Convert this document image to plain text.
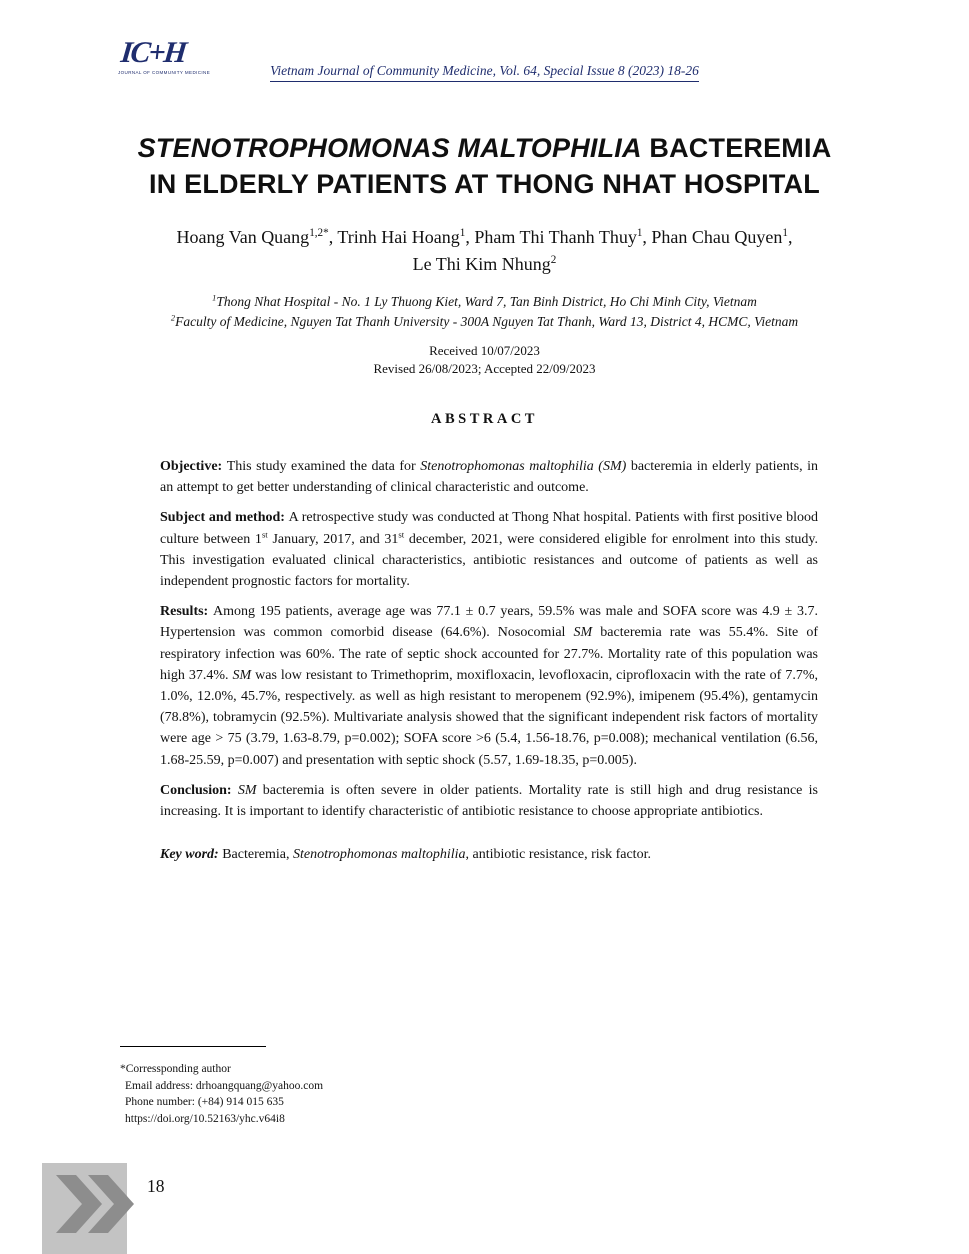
IC+H
JOURNAL OF COMMUNITY MEDICINE	Vietnam Journal of Community Medicine, Vol. 64, Special Issue 8 (2023) 18-26
STENOTROPHOMONAS MALTOPHILIA BACTEREMIA
IN ELDERLY PATIENTS AT THONG NHAT HOSPITAL
Hoang Van Quang$^{1,2*}$, Trinh Hai Hoang$^1$, Pham Thi Thanh Thuy$^1$, Phan Chau Quyen$^1$,
Le Thi Kim Nhung$^2$
$^1$Thong Nhat Hospital - No. 1 Ly Thuong Kiet, Ward 7, Tan Binh District, Ho Chi Minh City, Vietnam
$^2$Faculty of Medicine, Nguyen Tat Thanh University - 300A Nguyen Tat Thanh, Ward 13, District 4, HCMC, Vietnam
Received 10/07/2023
Revised 26/08/2023; Accepted 22/09/2023
ABSTRACT

Objective: This study examined the data for Stenotrophomonas maltophilia (SM) bacteremia in elderly patients, in an attempt to get better understanding of clinical characteristic and outcome.

Subject and method: A retrospective study was conducted at Thong Nhat hospital. Patients with first positive blood culture between 1st January, 2017, and 31st december, 2021, were considered eligible for enrolment into this study. This investigation evaluated clinical characteristics, antibiotic resistances and outcome of patients as well as independent prognostic factors for mortality.

Results: Among 195 patients, average age was 77.1 ± 0.7 years, 59.5% was male and SOFA score was 4.9 ± 3.7. Hypertension was common comorbid disease (64.6%). Nosocomial SM bacteremia rate was 55.4%. Site of respiratory infection was 60%. The rate of septic shock accounted for 27.7%. Mortality rate of this population was high 37.4%. SM was low resistant to Trimethoprim, moxifloxacin, levofloxacin, ciprofloxacin with the rate of 7.7%, 1.0%, 12.0%, 45.7%, respectively. as well as high resistant to meropenem (92.9%), imipenem (95.4%), gentamycin (78.8%), tobramycin (92.5%). Multivariate analysis showed that the significant independent risk factors of mortality were age > 75 (3.79, 1.63-8.79, p=0.002); SOFA score >6 (5.4, 1.56-18.76, p=0.008); mechanical ventilation (6.56, 1.68-25.59, p=0.007) and presentation with septic shock (5.57, 1.69-18.35, p=0.005).

Conclusion: SM bacteremia is often severe in older patients. Mortality rate is still high and drug resistance is increasing. It is important to identify characteristic of antibiotic resistance to choose appropriate antibiotics.

Key word: Bacteremia, Stenotrophomonas maltophilia, antibiotic resistance, risk factor.

*Corressponding author

Email address: drhoangquang@yahoo.com

Phone number: (+84) 914 015 635

https://doi.org/10.52163/yhc.v64i8

18
